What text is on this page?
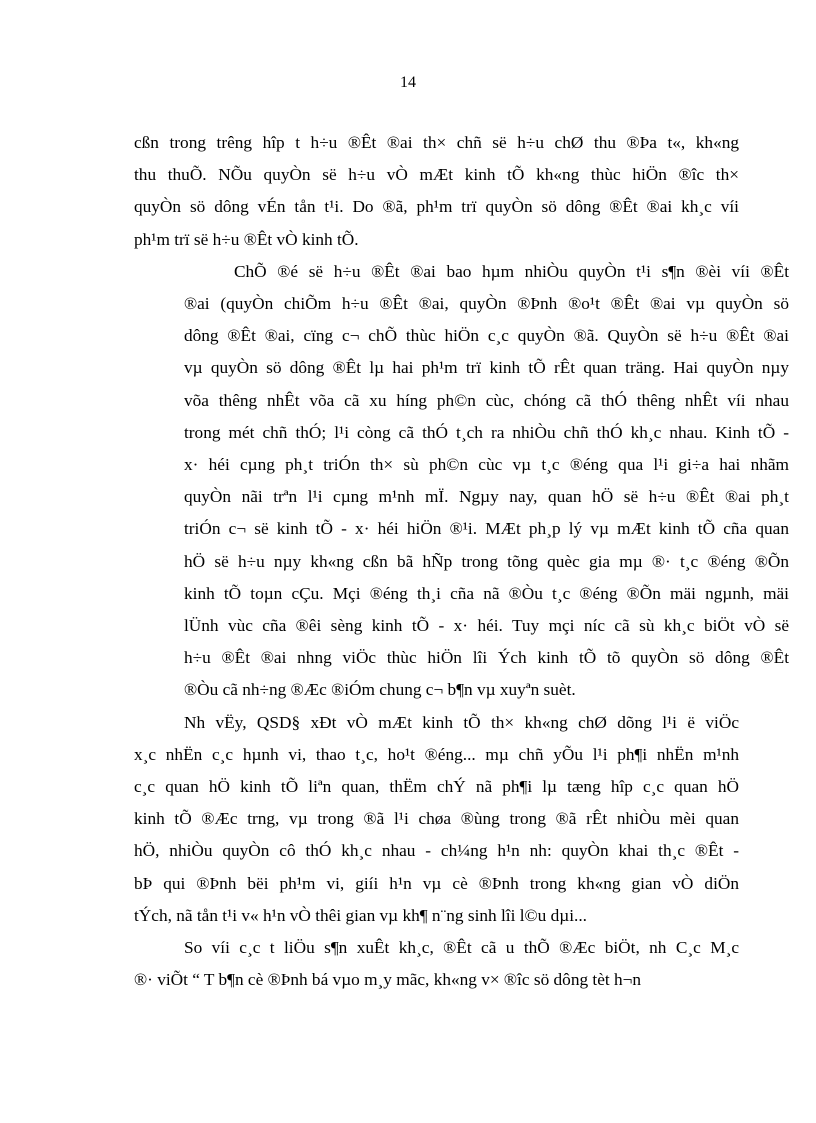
14

cßn trong trêng hîp t h÷u ®Êt ®ai th× chñ së h÷u chØ thu ®Þa t«, kh«ng
thu thuÕ. NÕu quyÒn së h÷u vÒ mÆt kinh tÕ kh«ng thùc hiÖn ®îc th×
quyÒn sö dông vÉn tån t¹i. Do ®ã, ph¹m trï quyÒn sö dông ®Êt ®ai kh¸c víi
ph¹m trï së h÷u ®Êt vÒ kinh tÕ.

ChÕ ®é së h÷u ®Êt ®ai bao hµm nhiÒu quyÒn t¹i s¶n ®èi víi ®Êt
®ai (quyÒn chiÕm h÷u ®Êt ®ai, quyÒn ®Þnh ®o¹t ®Êt ®ai vµ quyÒn sö
dông ®Êt ®ai, cïng c¬ chÕ thùc hiÖn c¸c quyÒn ®ã. QuyÒn së h÷u ®Êt ®ai
vµ quyÒn sö dông ®Êt lµ hai ph¹m trï kinh tÕ rÊt quan träng. Hai quyÒn nµy
võa thêng nhÊt võa cã xu híng ph©n cùc, chóng cã thÓ thêng nhÊt víi nhau
trong mét chñ thÓ; l¹i còng cã thÓ t¸ch ra nhiÒu chñ thÓ kh¸c nhau. Kinh tÕ -
x· héi cµng ph¸t triÓn th× sù ph©n cùc vµ t¸c ®éng qua l¹i gi÷a hai nhãm
quyÒn nãi trªn l¹i cµng m¹nh mÏ. Ngµy nay, quan hÖ së h÷u ®Êt ®ai ph¸t
triÓn c¬ së kinh tÕ - x· héi hiÖn ®¹i. MÆt ph¸p lý vµ mÆt kinh tÕ cña quan
hÖ së h÷u nµy kh«ng cßn bã hÑp trong tõng quèc gia mµ ®· t¸c ®éng ®Õn
kinh tÕ toµn cÇu. Mçi ®éng th¸i cña nã ®Òu t¸c ®éng ®Õn mäi ngµnh, mäi
lÜnh vùc cña ®êi sèng kinh tÕ - x· héi. Tuy mçi níc cã sù kh¸c biÖt vÒ së
h÷u ®Êt ®ai nhng viÖc thùc hiÖn lîi Ých kinh tÕ tõ quyÒn sö dông ®Êt
®Òu cã nh÷ng ®Æc ®iÓm chung c¬ b¶n vµ xuyªn suèt.

Nh vËy, QSD§ xÐt vÒ mÆt kinh tÕ th× kh«ng chØ dõng l¹i ë viÖc
x¸c nhËn c¸c hµnh vi, thao t¸c, ho¹t ®éng... mµ chñ yÕu l¹i ph¶i nhËn m¹nh
c¸c quan hÖ kinh tÕ liªn quan, thËm chÝ nã ph¶i lµ tæng hîp c¸c quan hÖ
kinh tÕ ®Æc trng, vµ trong ®ã l¹i chøa ®ùng trong ®ã rÊt nhiÒu mèi quan
hÖ, nhiÒu quyÒn cô thÓ kh¸c nhau - ch¼ng h¹n nh: quyÒn khai th¸c ®Êt -
bÞ qui ®Þnh bëi ph¹m vi, giíi h¹n vµ cè ®Þnh trong kh«ng gian vÒ diÖn
tÝch, nã tån t¹i v« h¹n vÒ thêi gian vµ kh¶ n¨ng sinh lîi l©u dµi...

So víi c¸c t liÖu s¶n xuÊt kh¸c, ®Êt cã u thÕ ®Æc biÖt, nh C¸c M¸c
®· viÕt “ T b¶n cè ®Þnh bá vµo m¸y mãc, kh«ng v× ®îc sö dông tèt h¬n
